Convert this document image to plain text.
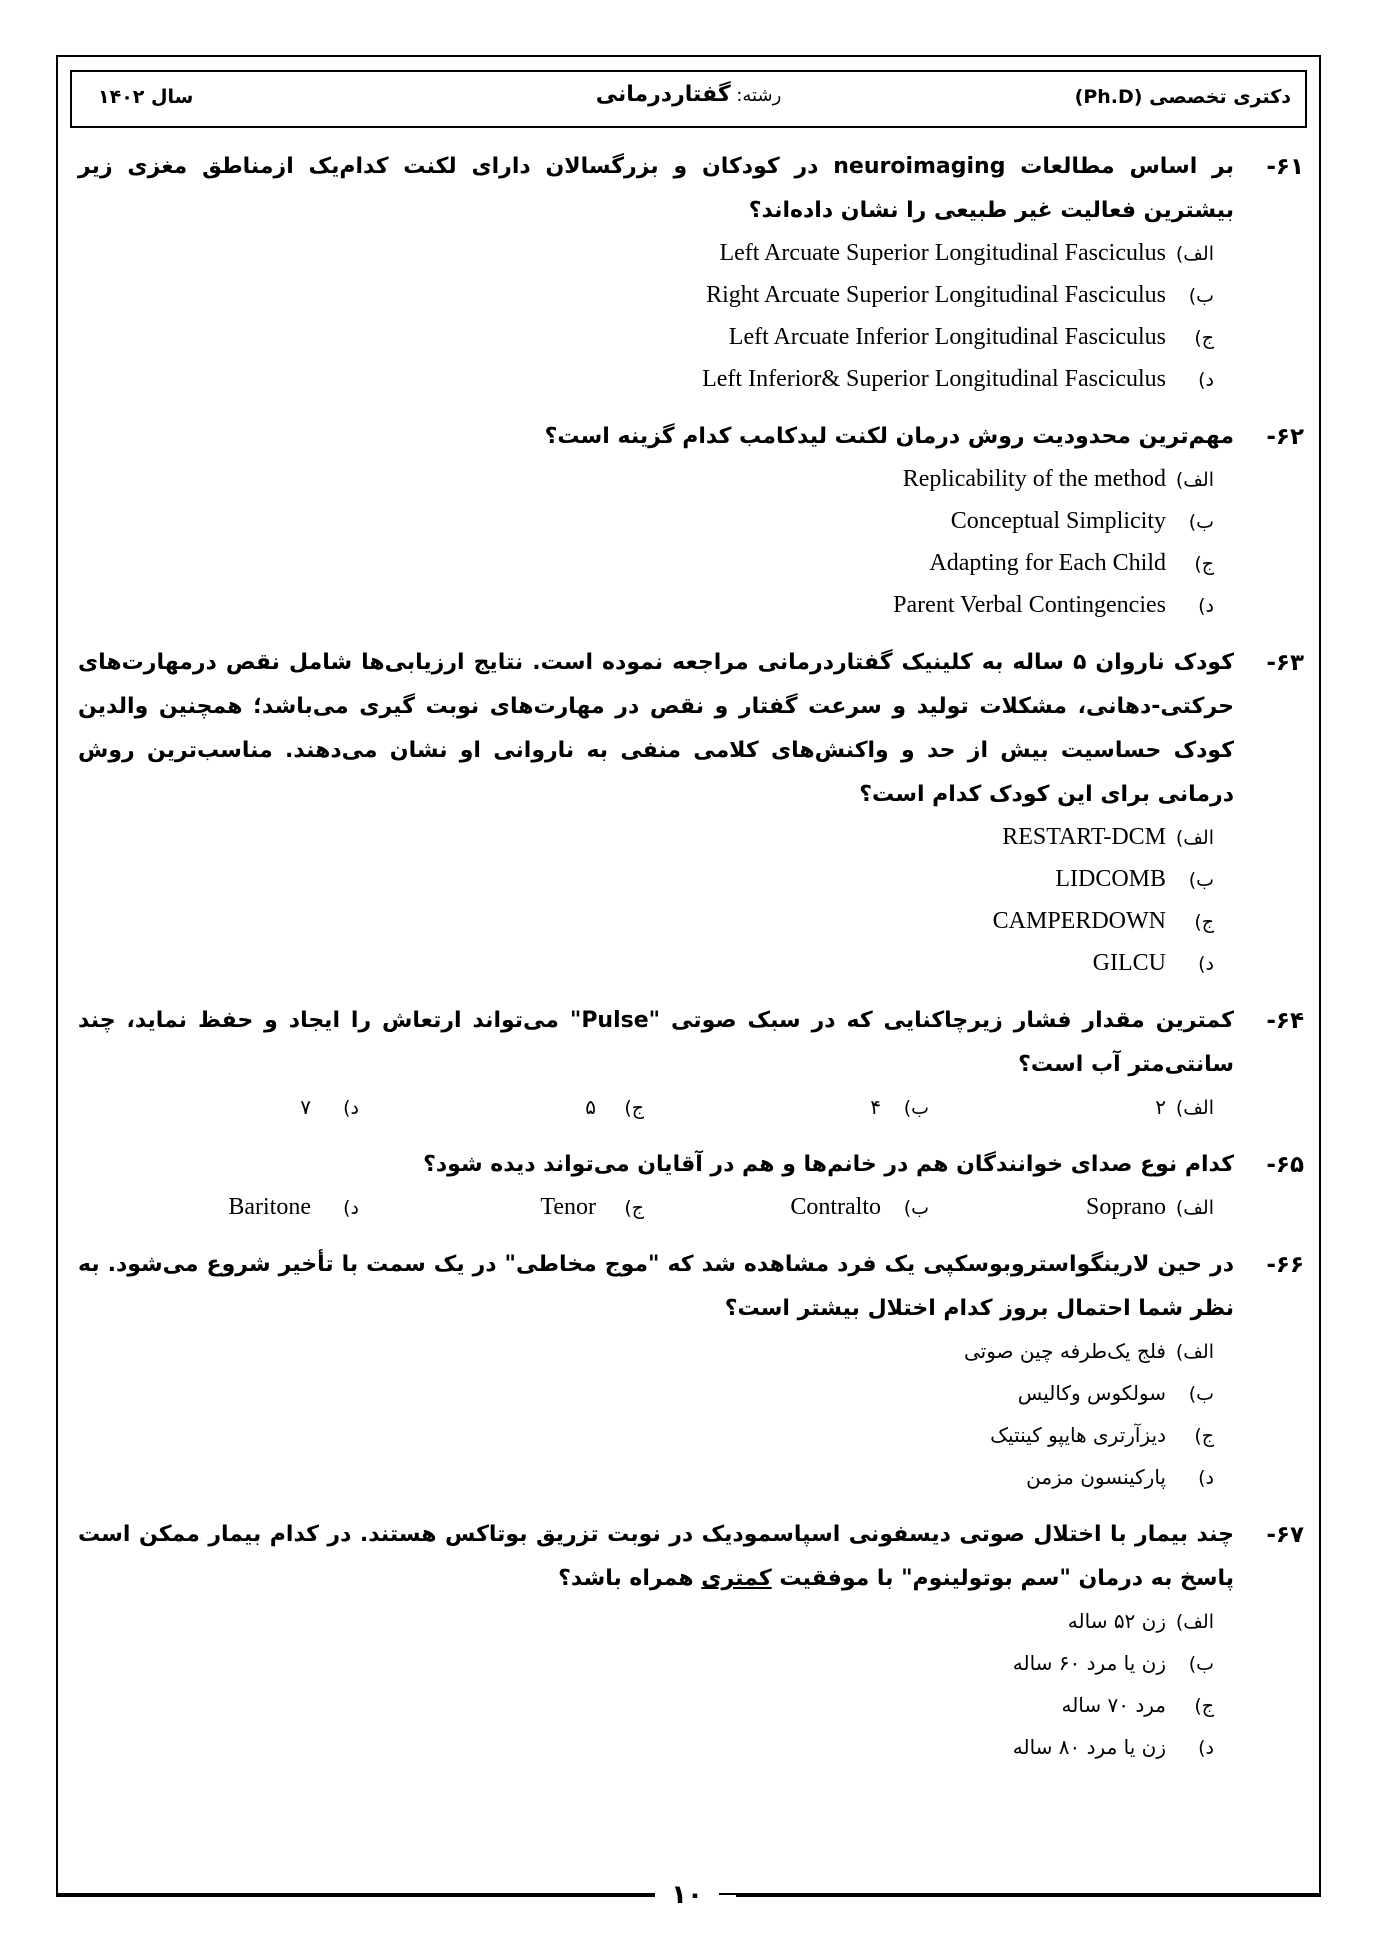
دکتری تخصصی (Ph.D)
رشته: گفتاردرمانی
سال ۱۴۰۲
۶۱-
بر اساس مطالعات neuroimaging در کودکان و بزرگسالان دارای لکنت کدام‌یک ازمناطق مغزی زیر بیشترین فعالیت غیر طبیعی را نشان داده‌اند؟
الف)
Left Arcuate Superior Longitudinal Fasciculus
ب)
Right Arcuate Superior Longitudinal Fasciculus
ج)
Left Arcuate Inferior Longitudinal Fasciculus
د)
Left Inferior& Superior Longitudinal Fasciculus
۶۲-
مهم‌ترین محدودیت روش درمان لکنت لیدکامب کدام گزینه است؟
الف)
Replicability of the method
ب)
Conceptual Simplicity
ج)
Adapting for Each Child
د)
Parent Verbal Contingencies
۶۳-
کودک ناروان ۵ ساله به کلینیک گفتاردرمانی مراجعه نموده است. نتایج ارزیابی‌ها شامل نقص درمهارت‌های حرکتی-دهانی، مشکلات تولید و سرعت گفتار و نقص در مهارت‌های نوبت گیری می‌باشد؛ همچنین والدین کودک حساسیت بیش از حد و واکنش‌های کلامی منفی به ناروانی او نشان می‌دهند. مناسب‌ترین روش درمانی برای این کودک کدام است؟
الف)
RESTART-DCM
ب)
LIDCOMB
ج)
CAMPERDOWN
د)
GILCU
۶۴-
کمترین مقدار فشار زیرچاکنایی که در سبک صوتی "Pulse" می‌تواند ارتعاش را ایجاد و حفظ نماید، چند سانتی‌متر آب است؟
الف)
۲
ب)
۴
ج)
۵
د)
۷
۶۵-
کدام نوع صدای خوانندگان هم در خانم‌ها و هم در آقایان می‌تواند دیده شود؟
الف)
Soprano
ب)
Contralto
ج)
Tenor
د)
Baritone
۶۶-
در حین لارینگواستروبوسکپی یک فرد مشاهده شد که "موج مخاطی" در یک سمت با تأخیر شروع می‌شود. به نظر شما احتمال بروز کدام اختلال بیشتر است؟
الف)
فلج یک‌طرفه چین صوتی
ب)
سولکوس وکالیس
ج)
دیزآرتری هایپو کینتیک
د)
پارکینسون مزمن
۶۷-
چند بیمار با اختلال صوتی دیسفونی اسپاسمودیک در نوبت تزریق بوتاکس هستند. در کدام بیمار ممکن است پاسخ به درمان "سم بوتولینوم" با موفقیت کمتری همراه باشد؟
الف)
زن ۵۲ ساله
ب)
زن یا مرد ۶۰ ساله
ج)
مرد ۷۰ ساله
د)
زن یا مرد ۸۰ ساله
۱۰
